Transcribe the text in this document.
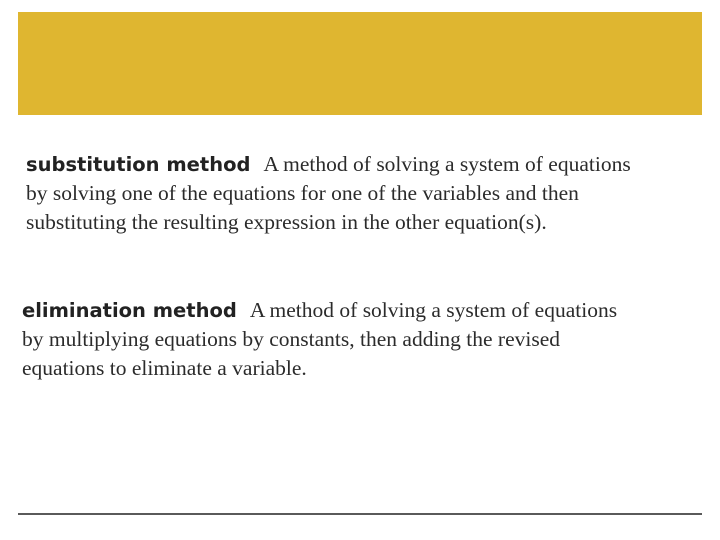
substitution method A method of solving a system of equations
by solving one of the equations for one of the variables and then
substituting the resulting expression in the other equation(s).

elimination method A method of solving a system of equations
by multiplying equations by constants, then adding the revised
equations to eliminate a variable.
